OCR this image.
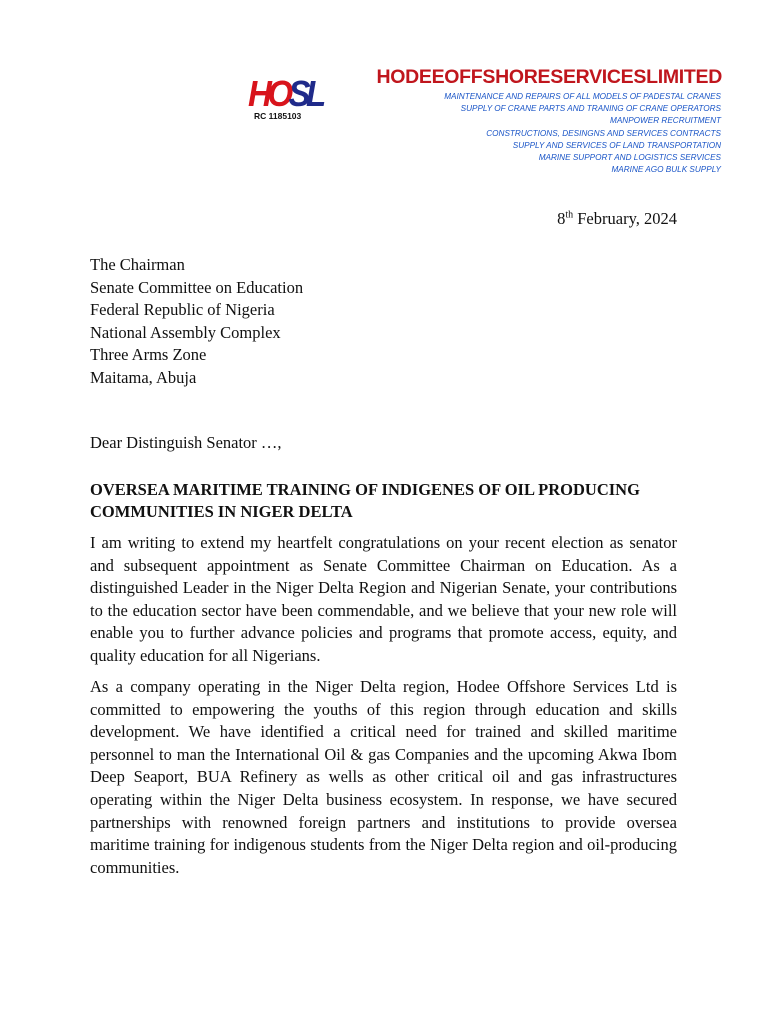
HOSL
RC 1185103
HODEEOFFSHORESERVICESLIMITED
MAINTENANCE AND REPAIRS OF ALL MODELS OF PADESTAL CRANES
SUPPLY OF CRANE PARTS AND TRANING OF CRANE OPERATORS
MANPOWER RECRUITMENT
CONSTRUCTIONS, DESINGNS AND SERVICES CONTRACTS
SUPPLY AND SERVICES OF LAND TRANSPORTATION
MARINE SUPPORT AND LOGISTICS SERVICES
MARINE AGO BULK SUPPLY
8th February, 2024
The Chairman
Senate Committee on Education
Federal Republic of Nigeria
National Assembly Complex
Three Arms Zone
Maitama, Abuja
Dear Distinguish Senator …,
OVERSEA MARITIME TRAINING OF INDIGENES OF OIL PRODUCING COMMUNITIES IN NIGER DELTA

I am writing to extend my heartfelt congratulations on your recent election as senator and subsequent appointment as Senate Committee Chairman on Education. As a distinguished Leader in the Niger Delta Region and Nigerian Senate, your contributions to the education sector have been commendable, and we believe that your new role will enable you to further advance policies and programs that promote access, equity, and quality education for all Nigerians.

As a company operating in the Niger Delta region, Hodee Offshore Services Ltd is committed to empowering the youths of this region through education and skills development. We have identified a critical need for trained and skilled maritime personnel to man the International Oil & gas Companies and the upcoming Akwa Ibom Deep Seaport, BUA Refinery as wells as other critical oil and gas infrastructures operating within the Niger Delta business ecosystem. In response, we have secured partnerships with renowned foreign partners and institutions to provide oversea maritime training for indigenous students from the Niger Delta region and oil-producing communities.
